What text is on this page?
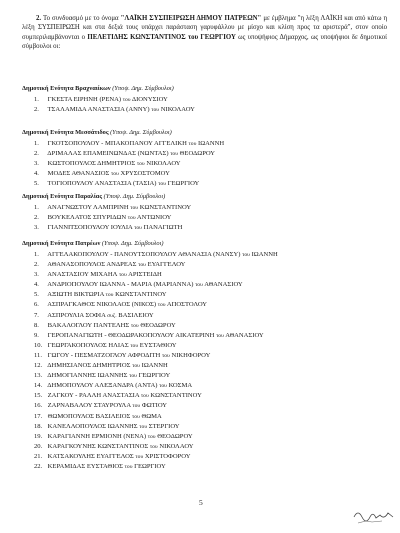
2. Το συνδυασμό με το όνομα "ΛΑΪΚΗ ΣΥΣΠΕΙΡΩΣΗ ΔΗΜΟΥ ΠΑΤΡΕΩΝ" με έμβλημα "η λέξη ΛΑΪΚΗ και από κάτω η λέξη ΣΥΣΠΕΙΡΩΣΗ και στα δεξιά τους υπάρχει παράσταση γαρυφάλλου με μίσχο και κλίση προς τα αριστερά", στον οποίο συμπεριλαμβάνονται ο ΠΕΛΕΤΙΔΗΣ ΚΩΝΣΤΑΝΤΙΝΟΣ του ΓΕΩΡΓΙΟΥ ως υποψήφιος Δήμαρχος, ως υποψήφιοι δε δημοτικοί σύμβουλοι οι:
Δημοτική Ενότητα Βραχναιίκων (Υποψ. Δημ. Σύμβουλοι)
1. ΓΚΕΣΤΑ ΕΙΡΗΝΗ (ΡΕΝΑ) του ΔΙΟΝΥΣΙΟΥ
2. ΤΣΑΛΑΜΙΔΑ ΑΝΑΣΤΑΣΙΑ (ΑΝΝΥ) του ΝΙΚΟΛΑΟΥ
Δημοτική Ενότητα Μεσσάτιδος (Υποψ. Δημ. Σύμβουλοι)
1. ΓΚΟΤΣΟΠΟΥΛΟΥ - ΜΠΑΚΟΠΑΝΟΥ ΑΓΓΕΛΙΚΗ του ΙΩΑΝΝΗ
2. ΔΡΙΜΑΛΑΣ ΕΠΑΜΕΙΝΩΝΔΑΣ (ΝΩΝΤΑΣ) του ΘΕΟΔΩΡΟΥ
3. ΚΩΣΤΟΠΟΥΛΟΣ ΔΗΜΗΤΡΙΟΣ του ΝΙΚΟΛΑΟΥ
4. ΜΟΔΕΣ ΑΘΑΝΑΣΙΟΣ του ΧΡΥΣΟΣΤΟΜΟΥ
5. ΤΟΓΙΟΠΟΥΛΟΥ ΑΝΑΣΤΑΣΙΑ (ΤΑΣΙΑ) του ΓΕΩΡΓΙΟΥ
Δημοτική Ενότητα Παραλίας (Υποψ. Δημ. Σύμβουλοι)
1. ΑΝΑΓΝΩΣΤΟΥ ΛΑΜΠΡΙΝΗ του ΚΩΝΣΤΑΝΤΙΝΟΥ
2. ΒΟΥΚΕΛΑΤΟΣ ΣΠΥΡΙΔΩΝ του ΑΝΤΩΝΙΟΥ
3. ΓΙΑΝΝΙΤΣΟΠΟΥΛΟΥ ΙΟΥΛΙΑ του ΠΑΝΑΓΙΩΤΗ
Δημοτική Ενότητα Πατρέων (Υποψ. Δημ. Σύμβουλοι)
1. ΑΓΓΕΛΑΚΟΠΟΥΛΟΥ - ΠΑΝΟΥΤΣΟΠΟΥΛΟΥ ΑΘΑΝΑΣΙΑ (ΝΑΝΣΥ) του ΙΩΑΝΝΗ
2. ΑΘΑΝΑΣΟΠΟΥΛΟΣ ΑΝΔΡΕΑΣ του ΕΥΑΓΓΕΛΟΥ
3. ΑΝΑΣΤΑΣΙΟΥ ΜΙΧΑΗΛ του ΑΡΙΣΤΕΙΔΗ
4. ΑΝΔΡΙΟΠΟΥΛΟΥ ΙΩΑΝΝΑ - ΜΑΡΙΑ (ΜΑΡΙΑΝΝΑ) του ΑΘΑΝΑΣΙΟΥ
5. ΑΞΙΩΤΗ ΒΙΚΤΩΡΙΑ του ΚΩΝΣΤΑΝΤΙΝΟΥ
6. ΑΣΠΡΑΓΚΑΘΟΣ ΝΙΚΟΛΑΟΣ (ΝΙΚΟΣ) του ΑΠΟΣΤΟΛΟΥ
7. ΑΣΠΡΟΥΛΙΑ ΣΟΦΙΑ συζ. ΒΑΣΙΛΕΙΟΥ
8. ΒΑΚΑΛΟΓΛΟΥ ΠΑΝΤΕΛΗΣ του ΘΕΟΔΩΡΟΥ
9. ΓΕΡΟΠΑΝΑΓΙΩΤΗ - ΘΕΟΔΩΡΑΚΟΠΟΥΛΟΥ ΑΙΚΑΤΕΡΙΝΗ του ΑΘΑΝΑΣΙΟΥ
10. ΓΕΩΡΓΑΚΟΠΟΥΛΟΣ ΗΛΙΑΣ του ΕΥΣΤΑΘΙΟΥ
11. ΓΩΓΟΥ - ΠΕΣΜΑΤΖΟΓΛΟΥ ΑΦΡΟΔΙΤΗ του ΝΙΚΗΦΟΡΟΥ
12. ΔΗΜΗΣΙΑΝΟΣ ΔΗΜΗΤΡΙΟΣ του ΙΩΑΝΝΗ
13. ΔΗΜΟΓΙΑΝΝΗΣ ΙΩΑΝΝΗΣ του ΓΕΩΡΓΙΟΥ
14. ΔΗΜΟΠΟΥΛΟΥ ΑΛΕΞΑΝΔΡΑ (ΑΝΤΑ) του ΚΟΣΜΑ
15. ΖΑΓΚΟΥ - ΡΑΛΛΗ ΑΝΑΣΤΑΣΙΑ του ΚΩΝΣΤΑΝΤΙΝΟΥ
16. ΖΑΡΝΑΒΑΛΟΥ ΣΤΑΥΡΟΥΛΑ του ΦΩΤΙΟΥ
17. ΘΩΜΟΠΟΥΛΟΣ ΒΑΣΙΛΕΙΟΣ του ΘΩΜΑ
18. ΚΑΝΕΛΛΟΠΟΥΛΟΣ ΙΩΑΝΝΗΣ του ΣΤΕΡΓΙΟΥ
19. ΚΑΡΑΓΙΑΝΝΗ ΕΡΜΙΟΝΗ (ΝΕΝΑ) του ΘΕΟΔΩΡΟΥ
20. ΚΑΡΑΓΚΟΥΝΗΣ ΚΩΝΣΤΑΝΤΙΝΟΣ του ΝΙΚΟΛΑΟΥ
21. ΚΑΤΣΑΚΟΥΛΗΣ ΕΥΑΓΓΕΛΟΣ του ΧΡΙΣΤΟΦΟΡΟΥ
22. ΚΕΡΑΜΙΔΑΣ ΕΥΣΤΑΘΙΟΣ του ΓΕΩΡΓΙΟΥ
5
